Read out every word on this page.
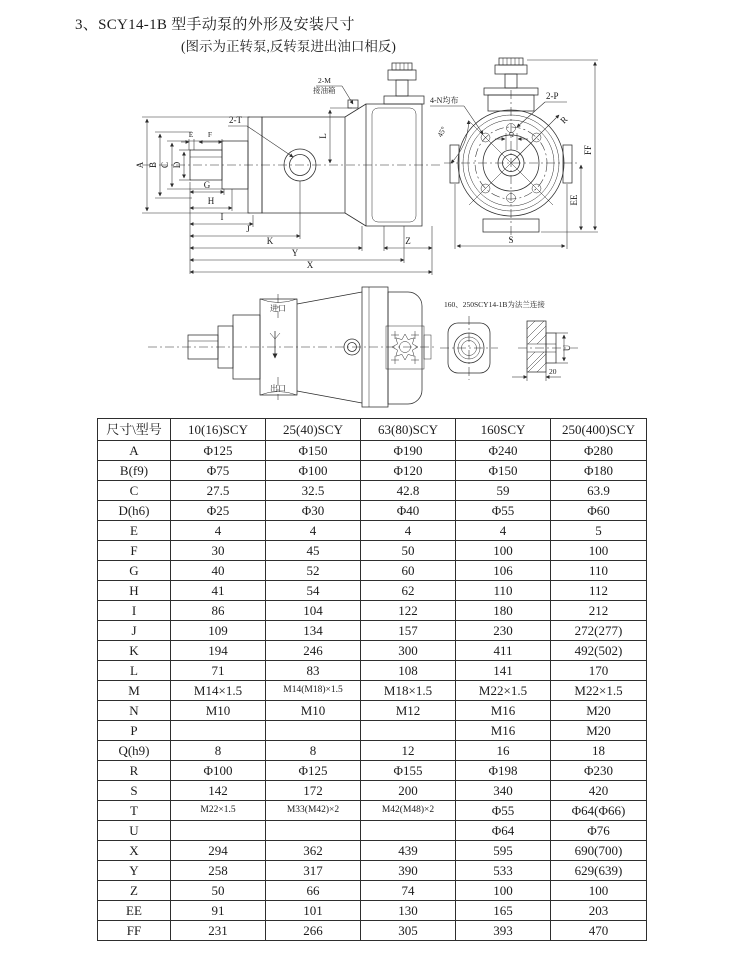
3、SCY14-1B 型手动泵的外形及安装尺寸
(图示为正转泵,反转泵进出油口相反)
A B C D
E F
G
H
I
J
K	Z
Y
X
L
2-T
2-M
接油箱
4-N均布	2-P
45°
R
Q
FF
EE
S
进口
出口
160、250SCY14-1B为法兰连接
U
20
尺寸\型号	10(16)SCY	25(40)SCY	63(80)SCY	160SCY	250(400)SCY
A	Φ125	Φ150	Φ190	Φ240	Φ280
B(f9)	Φ75	Φ100	Φ120	Φ150	Φ180
C	27.5	32.5	42.8	59	63.9
D(h6)	Φ25	Φ30	Φ40	Φ55	Φ60
E	4	4	4	4	5
F	30	45	50	100	100
G	40	52	60	106	110
H	41	54	62	110	112
I	86	104	122	180	212
J	109	134	157	230	272(277)
K	194	246	300	411	492(502)
L	71	83	108	141	170
M	M14×1.5	M14(M18)×1.5	M18×1.5	M22×1.5	M22×1.5
N	M10	M10	M12	M16	M20
P				M16	M20
Q(h9)	8	8	12	16	18
R	Φ100	Φ125	Φ155	Φ198	Φ230
S	142	172	200	340	420
T	M22×1.5	M33(M42)×2	M42(M48)×2	Φ55	Φ64(Φ66)
U				Φ64	Φ76
X	294	362	439	595	690(700)
Y	258	317	390	533	629(639)
Z	50	66	74	100	100
EE	91	101	130	165	203
FF	231	266	305	393	470
